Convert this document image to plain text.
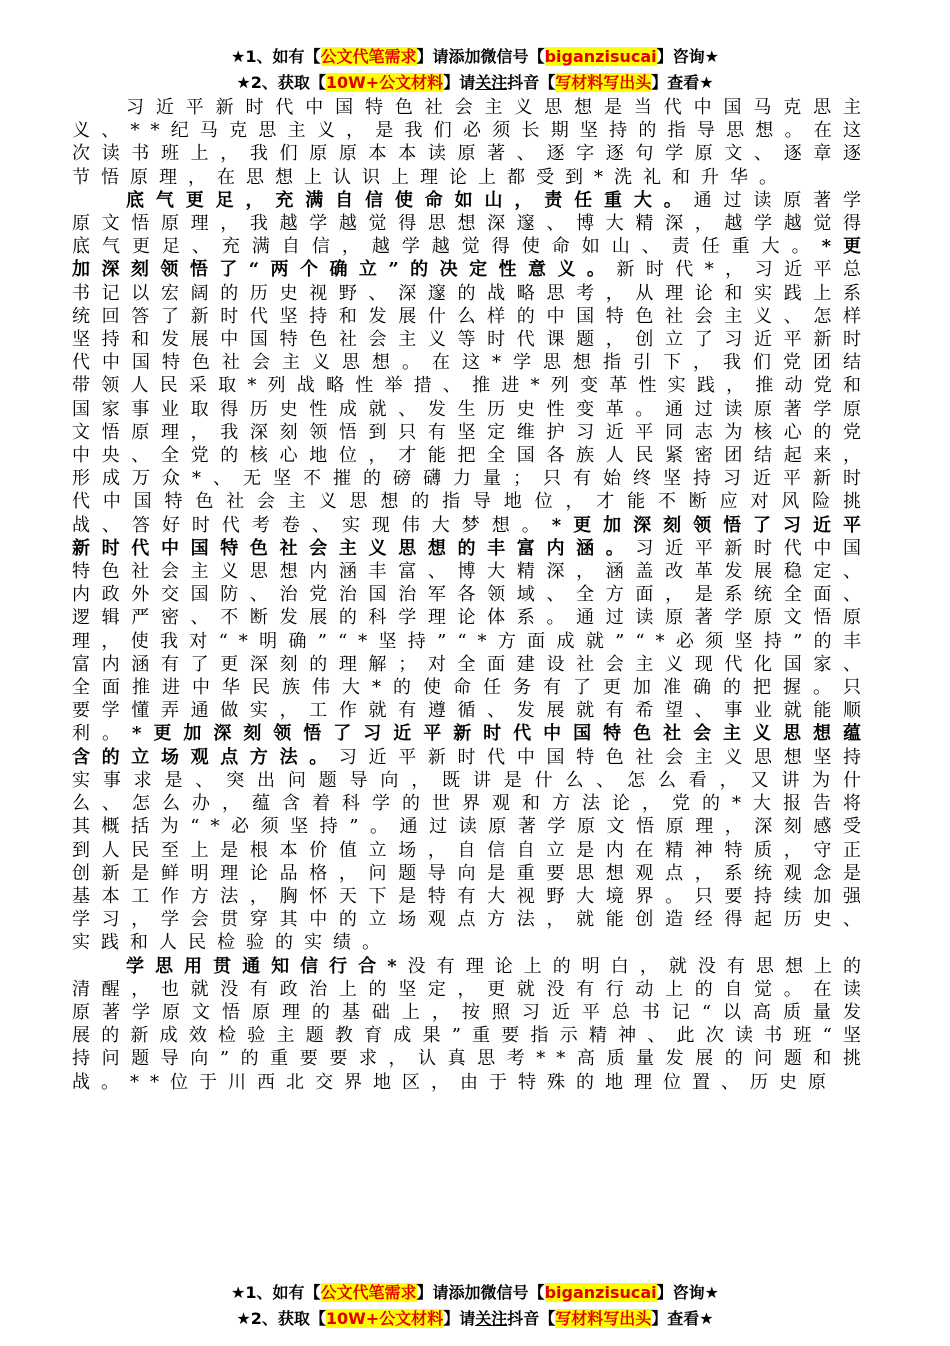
★1、如有【公文代笔需求】请添加微信号【biganzisucai】咨询★
★2、获取【10W+公文材料】请关注抖音【写材料写出头】查看★

习近平新时代中国特色社会主义思想是当代中国马克思主义、**纪马克思主义，是我们必须长期坚持的指导思想。在这次读书班上，我们原原本本读原著、逐字逐句学原文、逐章逐节悟原理，在思想上认识上理论上都受到*洗礼和升华。

底气更足，充满自信使命如山，责任重大。通过读原著学原文悟原理，我越学越觉得思想深邃、博大精深，越学越觉得底气更足、充满自信，越学越觉得使命如山、责任重大。*更加深刻领悟了“两个确立”的决定性意义。新时代*，习近平总书记以宏阔的历史视野、深邃的战略思考，从理论和实践上系统回答了新时代坚持和发展什么样的中国特色社会主义、怎样坚持和发展中国特色社会主义等时代课题，创立了习近平新时代中国特色社会主义思想。在这*学思想指引下，我们党团结带领人民采取*列战略性举措、推进*列变革性实践，推动党和国家事业取得历史性成就、发生历史性变革。通过读原著学原文悟原理，我深刻领悟到只有坚定维护习近平同志为核心的党中央、全党的核心地位，才能把全国各族人民紧密团结起来，形成万众*、无坚不摧的磅礴力量；只有始终坚持习近平新时代中国特色社会主义思想的指导地位，才能不断应对风险挑战、答好时代考卷、实现伟大梦想。*更加深刻领悟了习近平新时代中国特色社会主义思想的丰富内涵。习近平新时代中国特色社会主义思想内涵丰富、博大精深，涵盖改革发展稳定、内政外交国防、治党治国治军各领域、全方面，是系统全面、逻辑严密、不断发展的科学理论体系。通过读原著学原文悟原理，使我对“*明确”“*坚持”“*方面成就”“*必须坚持”的丰富内涵有了更深刻的理解；对全面建设社会主义现代化国家、全面推进中华民族伟大*的使命任务有了更加准确的把握。只要学懂弄通做实，工作就有遵循、发展就有希望、事业就能顺利。*更加深刻领悟了习近平新时代中国特色社会主义思想蕴含的立场观点方法。习近平新时代中国特色社会主义思想坚持实事求是、突出问题导向，既讲是什么、怎么看，又讲为什么、怎么办，蕴含着科学的世界观和方法论，党的*大报告将其概括为“*必须坚持”。通过读原著学原文悟原理，深刻感受到人民至上是根本价值立场，自信自立是内在精神特质，守正创新是鲜明理论品格，问题导向是重要思想观点，系统观念是基本工作方法，胸怀天下是特有大视野大境界。只要持续加强学习，学会贯穿其中的立场观点方法，就能创造经得起历史、实践和人民检验的实绩。

学思用贯通知信行合*没有理论上的明白，就没有思想上的清醒，也就没有政治上的坚定，更就没有行动上的自觉。在读原著学原文悟原理的基础上，按照习近平总书记“以高质量发展的新成效检验主题教育成果”重要指示精神、此次读书班“坚持问题导向”的重要要求，认真思考**高质量发展的问题和挑战。**位于川西北交界地区，由于特殊的地理位置、历史原

★1、如有【公文代笔需求】请添加微信号【biganzisucai】咨询★
★2、获取【10W+公文材料】请关注抖音【写材料写出头】查看★
